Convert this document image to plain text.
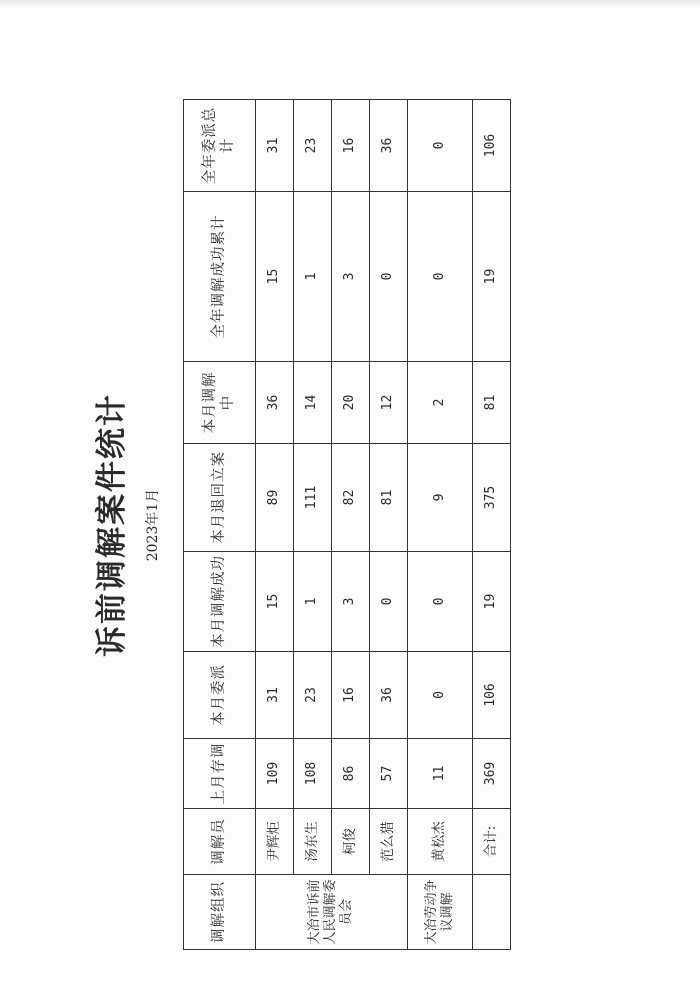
诉前调解案件统计 2023年1月
调解组织	调解员	上月存调	本月委派	本月调解成功	本月退回立案	本月调解中	全年调解成功累计	全年委派总计
大冶市诉前人民调解委员会	尹辉炬	109	31	15	89	36	15	31
	汤东生	108	23	1	111	14	1	23
	柯俊	86	16	3	82	20	3	16
	范么猎	57	36	0	81	12	0	36
大冶劳动争议调解	黄松杰	11	0	0	9	2	0	0
	合计:	369	106	19	375	81	19	106
